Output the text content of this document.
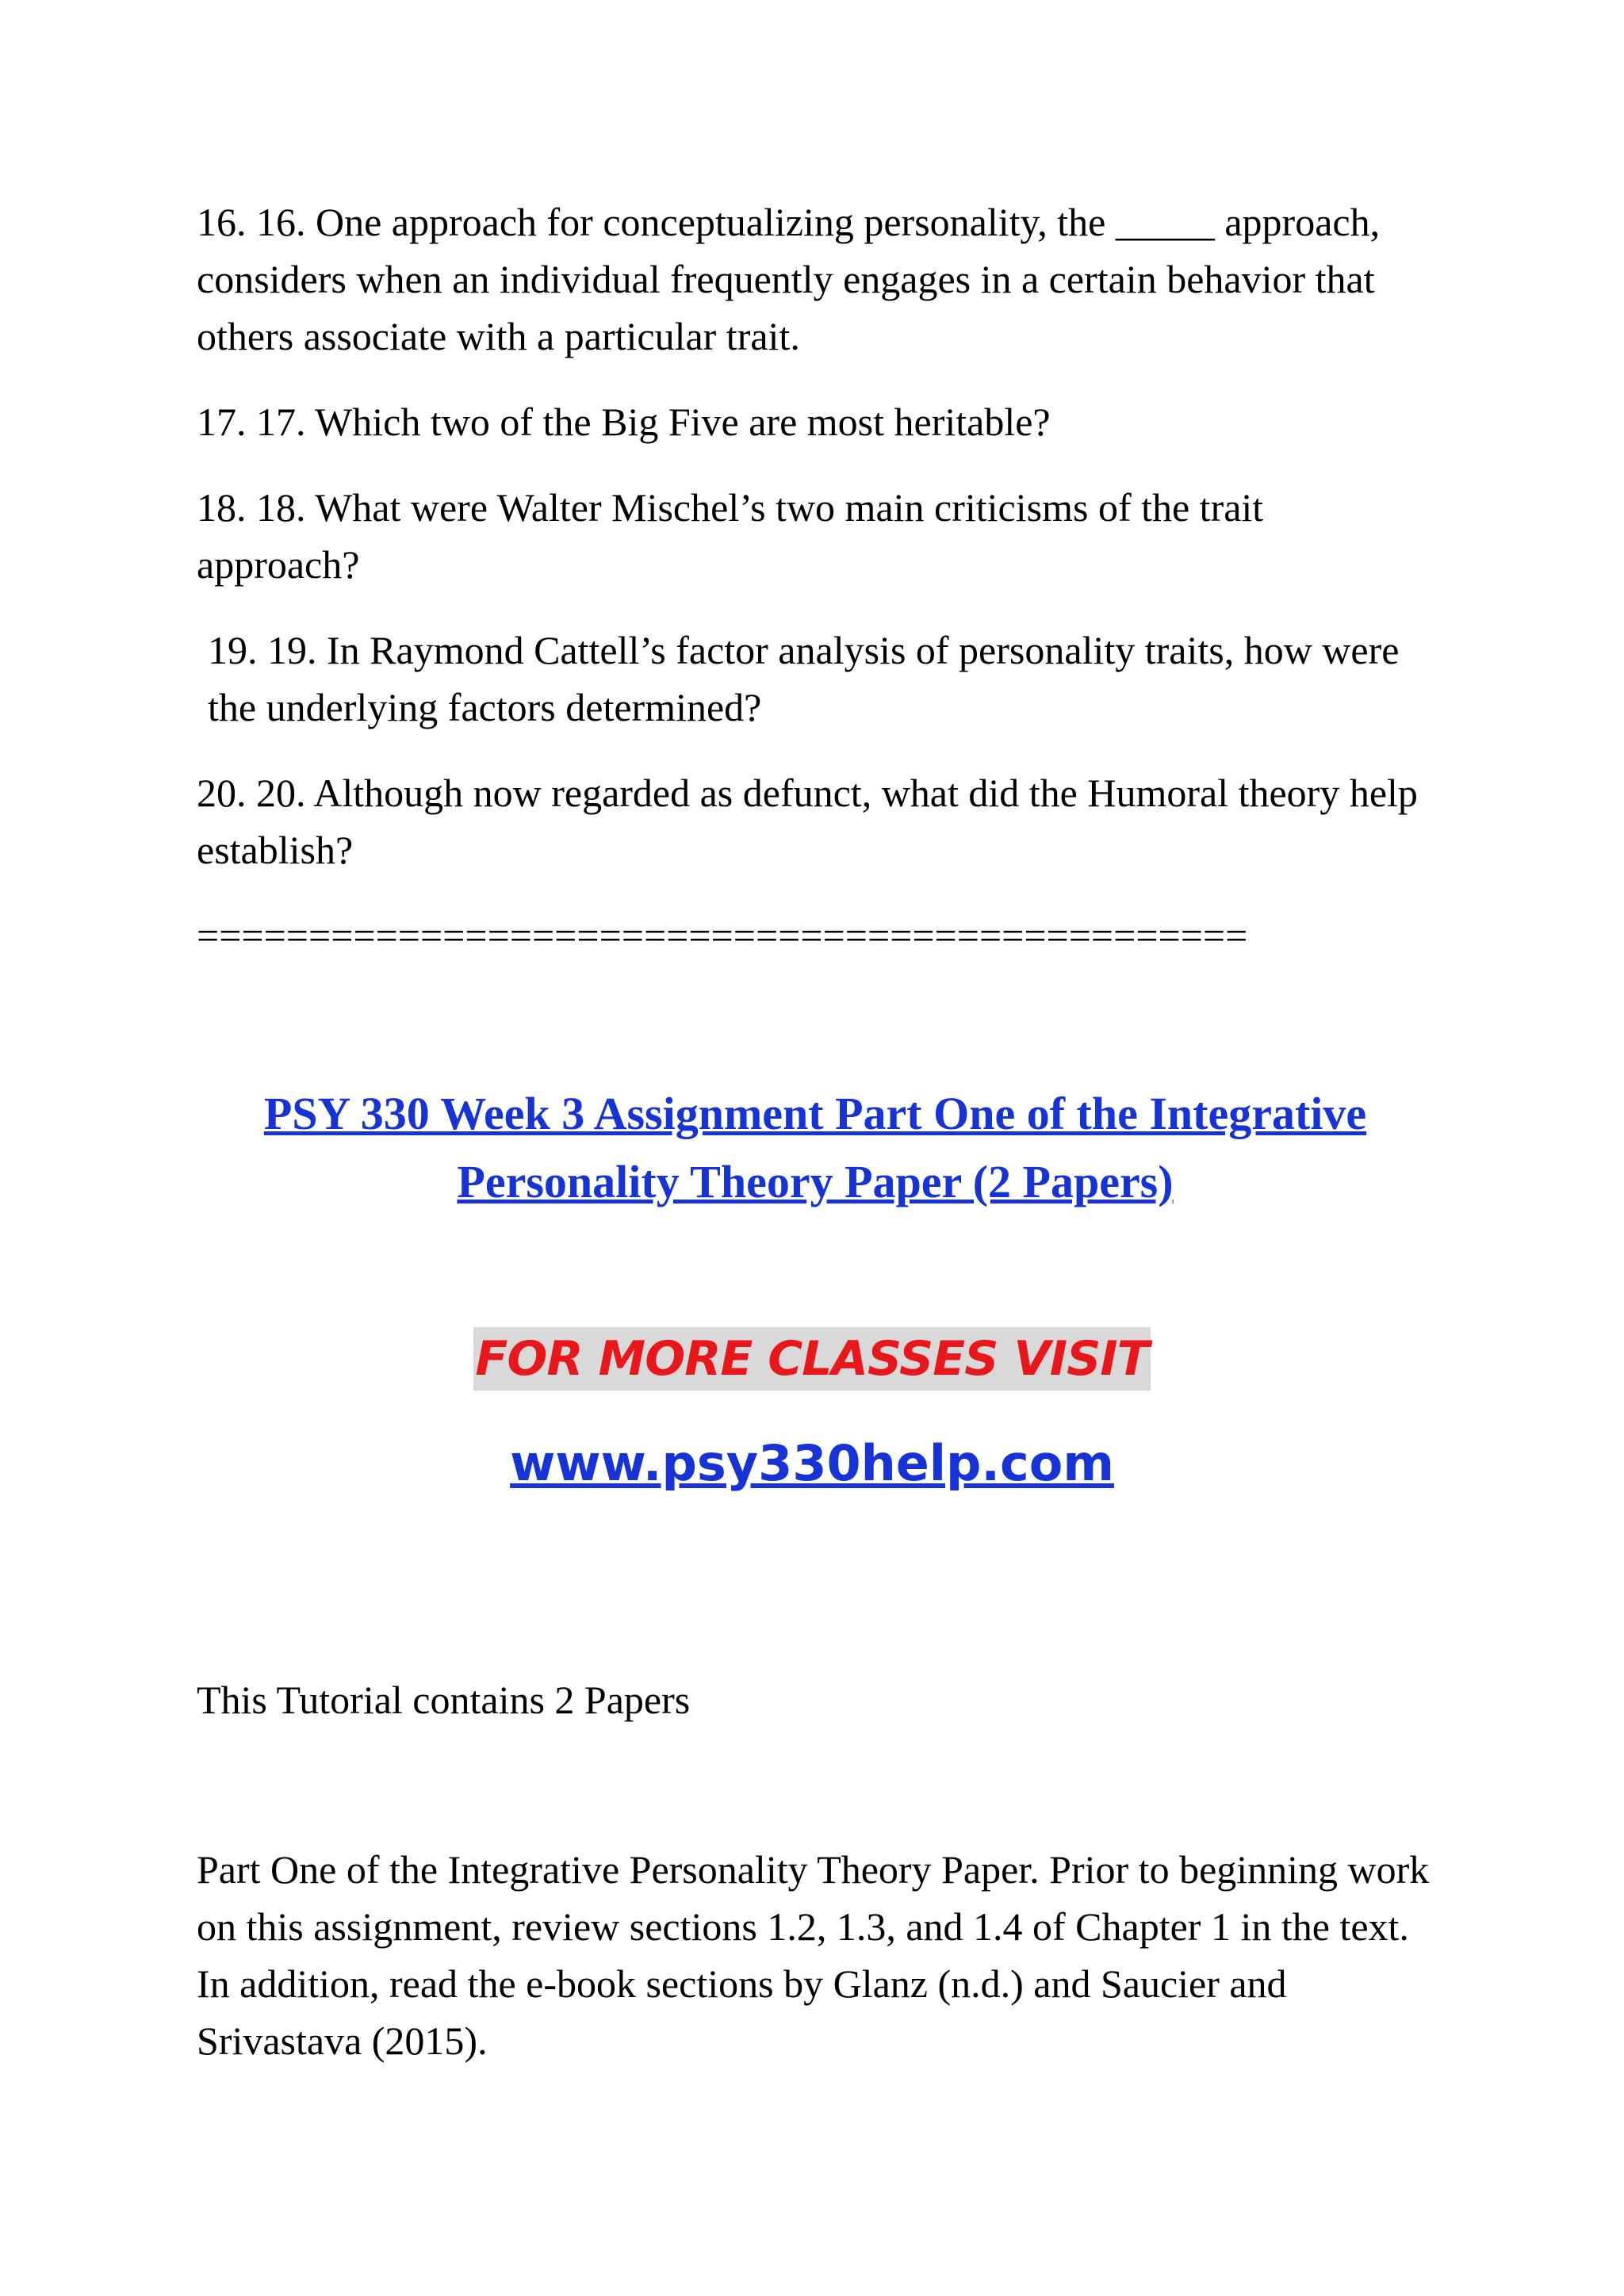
16. 16. One approach for conceptualizing personality, the _____ approach, considers when an individual frequently engages in a certain behavior that others associate with a particular trait.

17. 17. Which two of the Big Five are most heritable?

18. 18. What were Walter Mischel’s two main criticisms of the trait approach?

19. 19. In Raymond Cattell’s factor analysis of personality traits, how were the underlying factors determined?

20. 20. Although now regarded as defunct, what did the Humoral theory help establish?

===============================================

PSY 330 Week 3 Assignment Part One of the Integrative Personality Theory Paper (2 Papers)
FOR MORE CLASSES VISIT
www.psy330help.com

This Tutorial contains 2 Papers

Part One of the Integrative Personality Theory Paper. Prior to beginning work on this assignment, review sections 1.2, 1.3, and 1.4 of Chapter 1 in the text. In addition, read the e-book sections by Glanz (n.d.) and Saucier and Srivastava (2015).
